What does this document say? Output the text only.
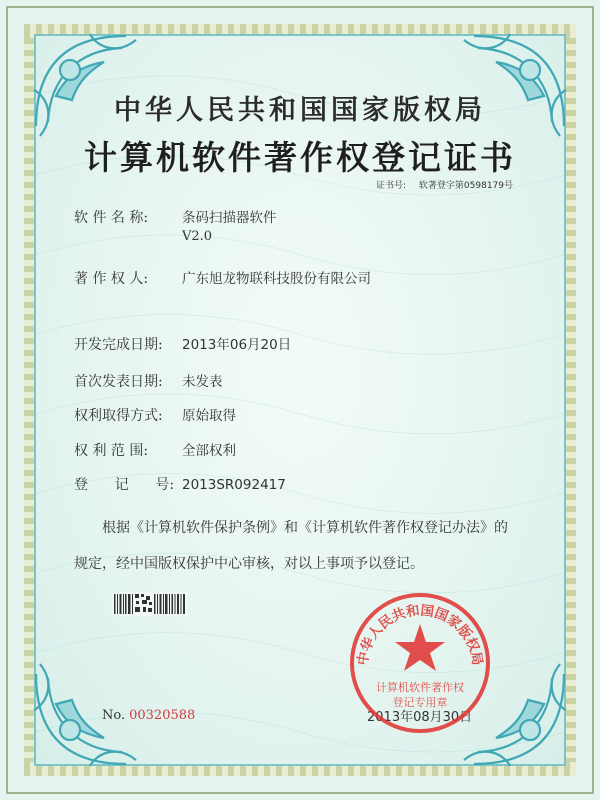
中华人民共和国国家版权局
计算机软件著作权登记证书
证书号: 软著登字第0598179号
软 件 名 称:	条码扫描器软件
V2.0
著 作 权 人:	广东旭龙物联科技股份有限公司
开发完成日期: 2013年06月20日
首次发表日期: 未发表
权利取得方式: 原始取得
权 利 范 围:	全部权利
登      记      号: 2013SR092417
根据《计算机软件保护条例》和《计算机软件著作权登记办法》的
规定，经中国版权保护中心审核，对以上事项予以登记。
No. 00320588	2013年08月30日
中华人民共和国国家版权局
计算机软件著作权
登记专用章
